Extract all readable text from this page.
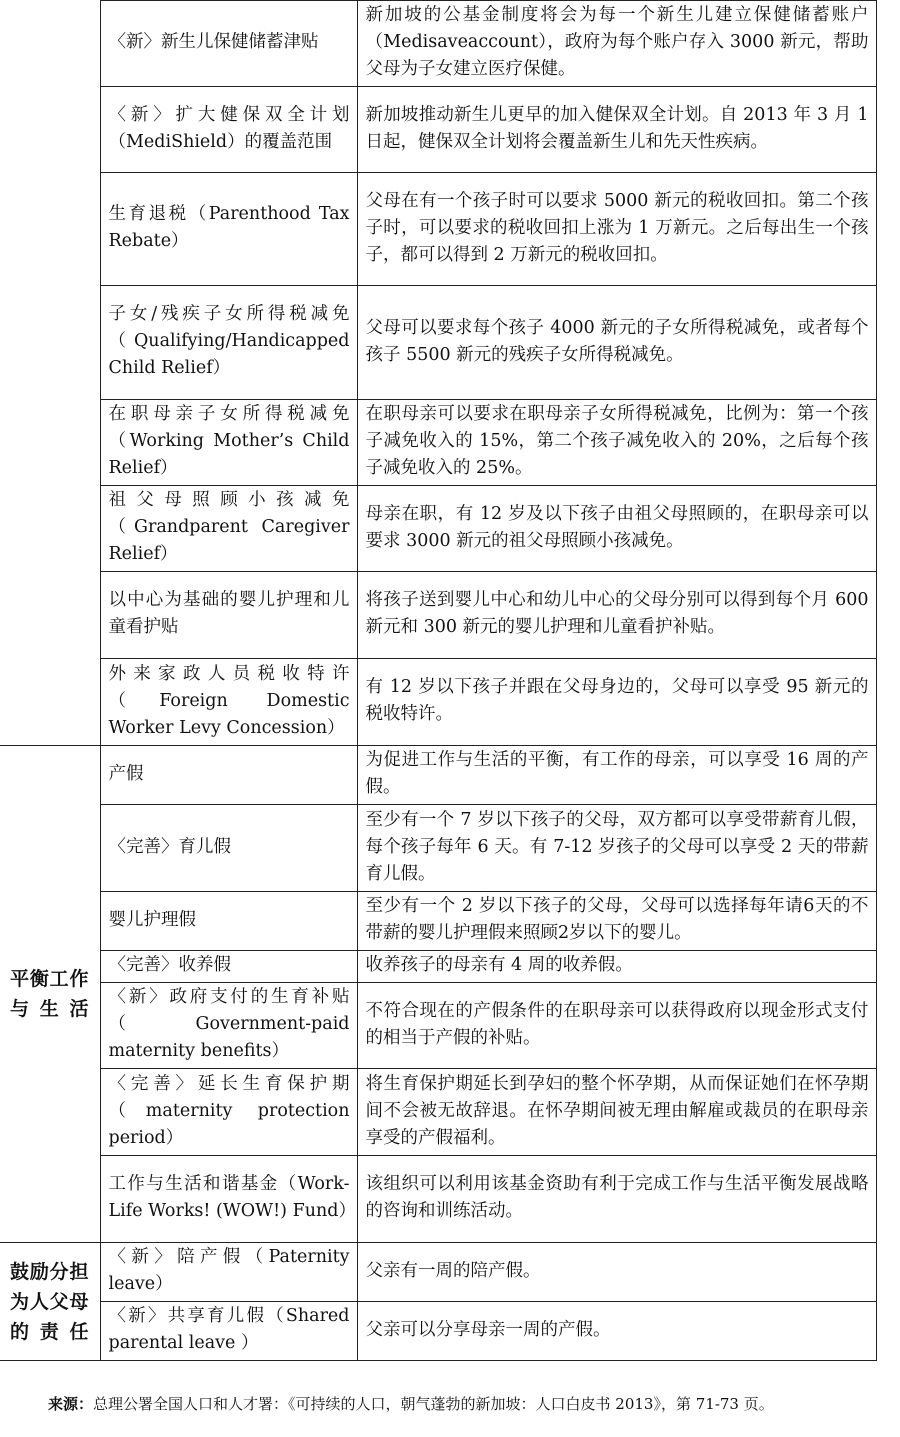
	〈新〉新生儿保健储蓄津贴	新加坡的公基金制度将会为每一个新生儿建立保健储蓄账户（Medisaveaccount），政府为每个账户存入 3000 新元，帮助父母为子女建立医疗保健。
	〈新〉扩大健保双全计划（MediShield）的覆盖范围	新加坡推动新生儿更早的加入健保双全计划。自 2013 年 3 月 1 日起，健保双全计划将会覆盖新生儿和先天性疾病。
	生育退税（Parenthood Tax Rebate）	父母在有一个孩子时可以要求 5000 新元的税收回扣。第二个孩子时，可以要求的税收回扣上涨为 1 万新元。之后每出生一个孩子，都可以得到 2 万新元的税收回扣。
	子女/残疾子女所得税减免（Qualifying/Handicapped Child Relief）	父母可以要求每个孩子 4000 新元的子女所得税减免，或者每个孩子 5500 新元的残疾子女所得税减免。
	在职母亲子女所得税减免（Working Mother’s Child Relief）	在职母亲可以要求在职母亲子女所得税减免，比例为：第一个孩子减免收入的 15%，第二个孩子减免收入的 20%，之后每个孩子减免收入的 25%。
	祖父母照顾小孩减免（Grandparent Caregiver Relief）	母亲在职，有 12 岁及以下孩子由祖父母照顾的，在职母亲可以要求 3000 新元的祖父母照顾小孩减免。
	以中心为基础的婴儿护理和儿童看护贴	将孩子送到婴儿中心和幼儿中心的父母分别可以得到每个月 600 新元和 300 新元的婴儿护理和儿童看护补贴。
	外来家政人员税收特许（Foreign Domestic Worker Levy Concession）	有 12 岁以下孩子并跟在父母身边的，父母可以享受 95 新元的税收特许。
平衡工作与生活	产假	为促进工作与生活的平衡，有工作的母亲，可以享受 16 周的产假。
	〈完善〉育儿假	至少有一个 7 岁以下孩子的父母，双方都可以享受带薪育儿假，每个孩子每年 6 天。有 7-12 岁孩子的父母可以享受 2 天的带薪育儿假。
	婴儿护理假	至少有一个 2 岁以下孩子的父母，父母可以选择每年请6天的不带薪的婴儿护理假来照顾2岁以下的婴儿。
	〈完善〉收养假	收养孩子的母亲有 4 周的收养假。
	〈新〉政府支付的生育补贴（Government-paid maternity benefits）	不符合现在的产假条件的在职母亲可以获得政府以现金形式支付的相当于产假的补贴。
	〈完善〉延长生育保护期（maternity protection period）	将生育保护期延长到孕妇的整个怀孕期，从而保证她们在怀孕期间不会被无故辞退。在怀孕期间被无理由解雇或裁员的在职母亲享受的产假福利。
	工作与生活和谐基金（Work-Life Works! (WOW!) Fund）	该组织可以利用该基金资助有利于完成工作与生活平衡发展战略的咨询和训练活动。
鼓励分担为人父母的责任	〈新〉陪产假（Paternity leave）	父亲有一周的陪产假。
	〈新〉共享育儿假（Shared parental leave ）	父亲可以分享母亲一周的产假。
来源：总理公署全国人口和人才署：《可持续的人口，朝气蓬勃的新加坡：人口白皮书 2013》，第 71-73 页。
